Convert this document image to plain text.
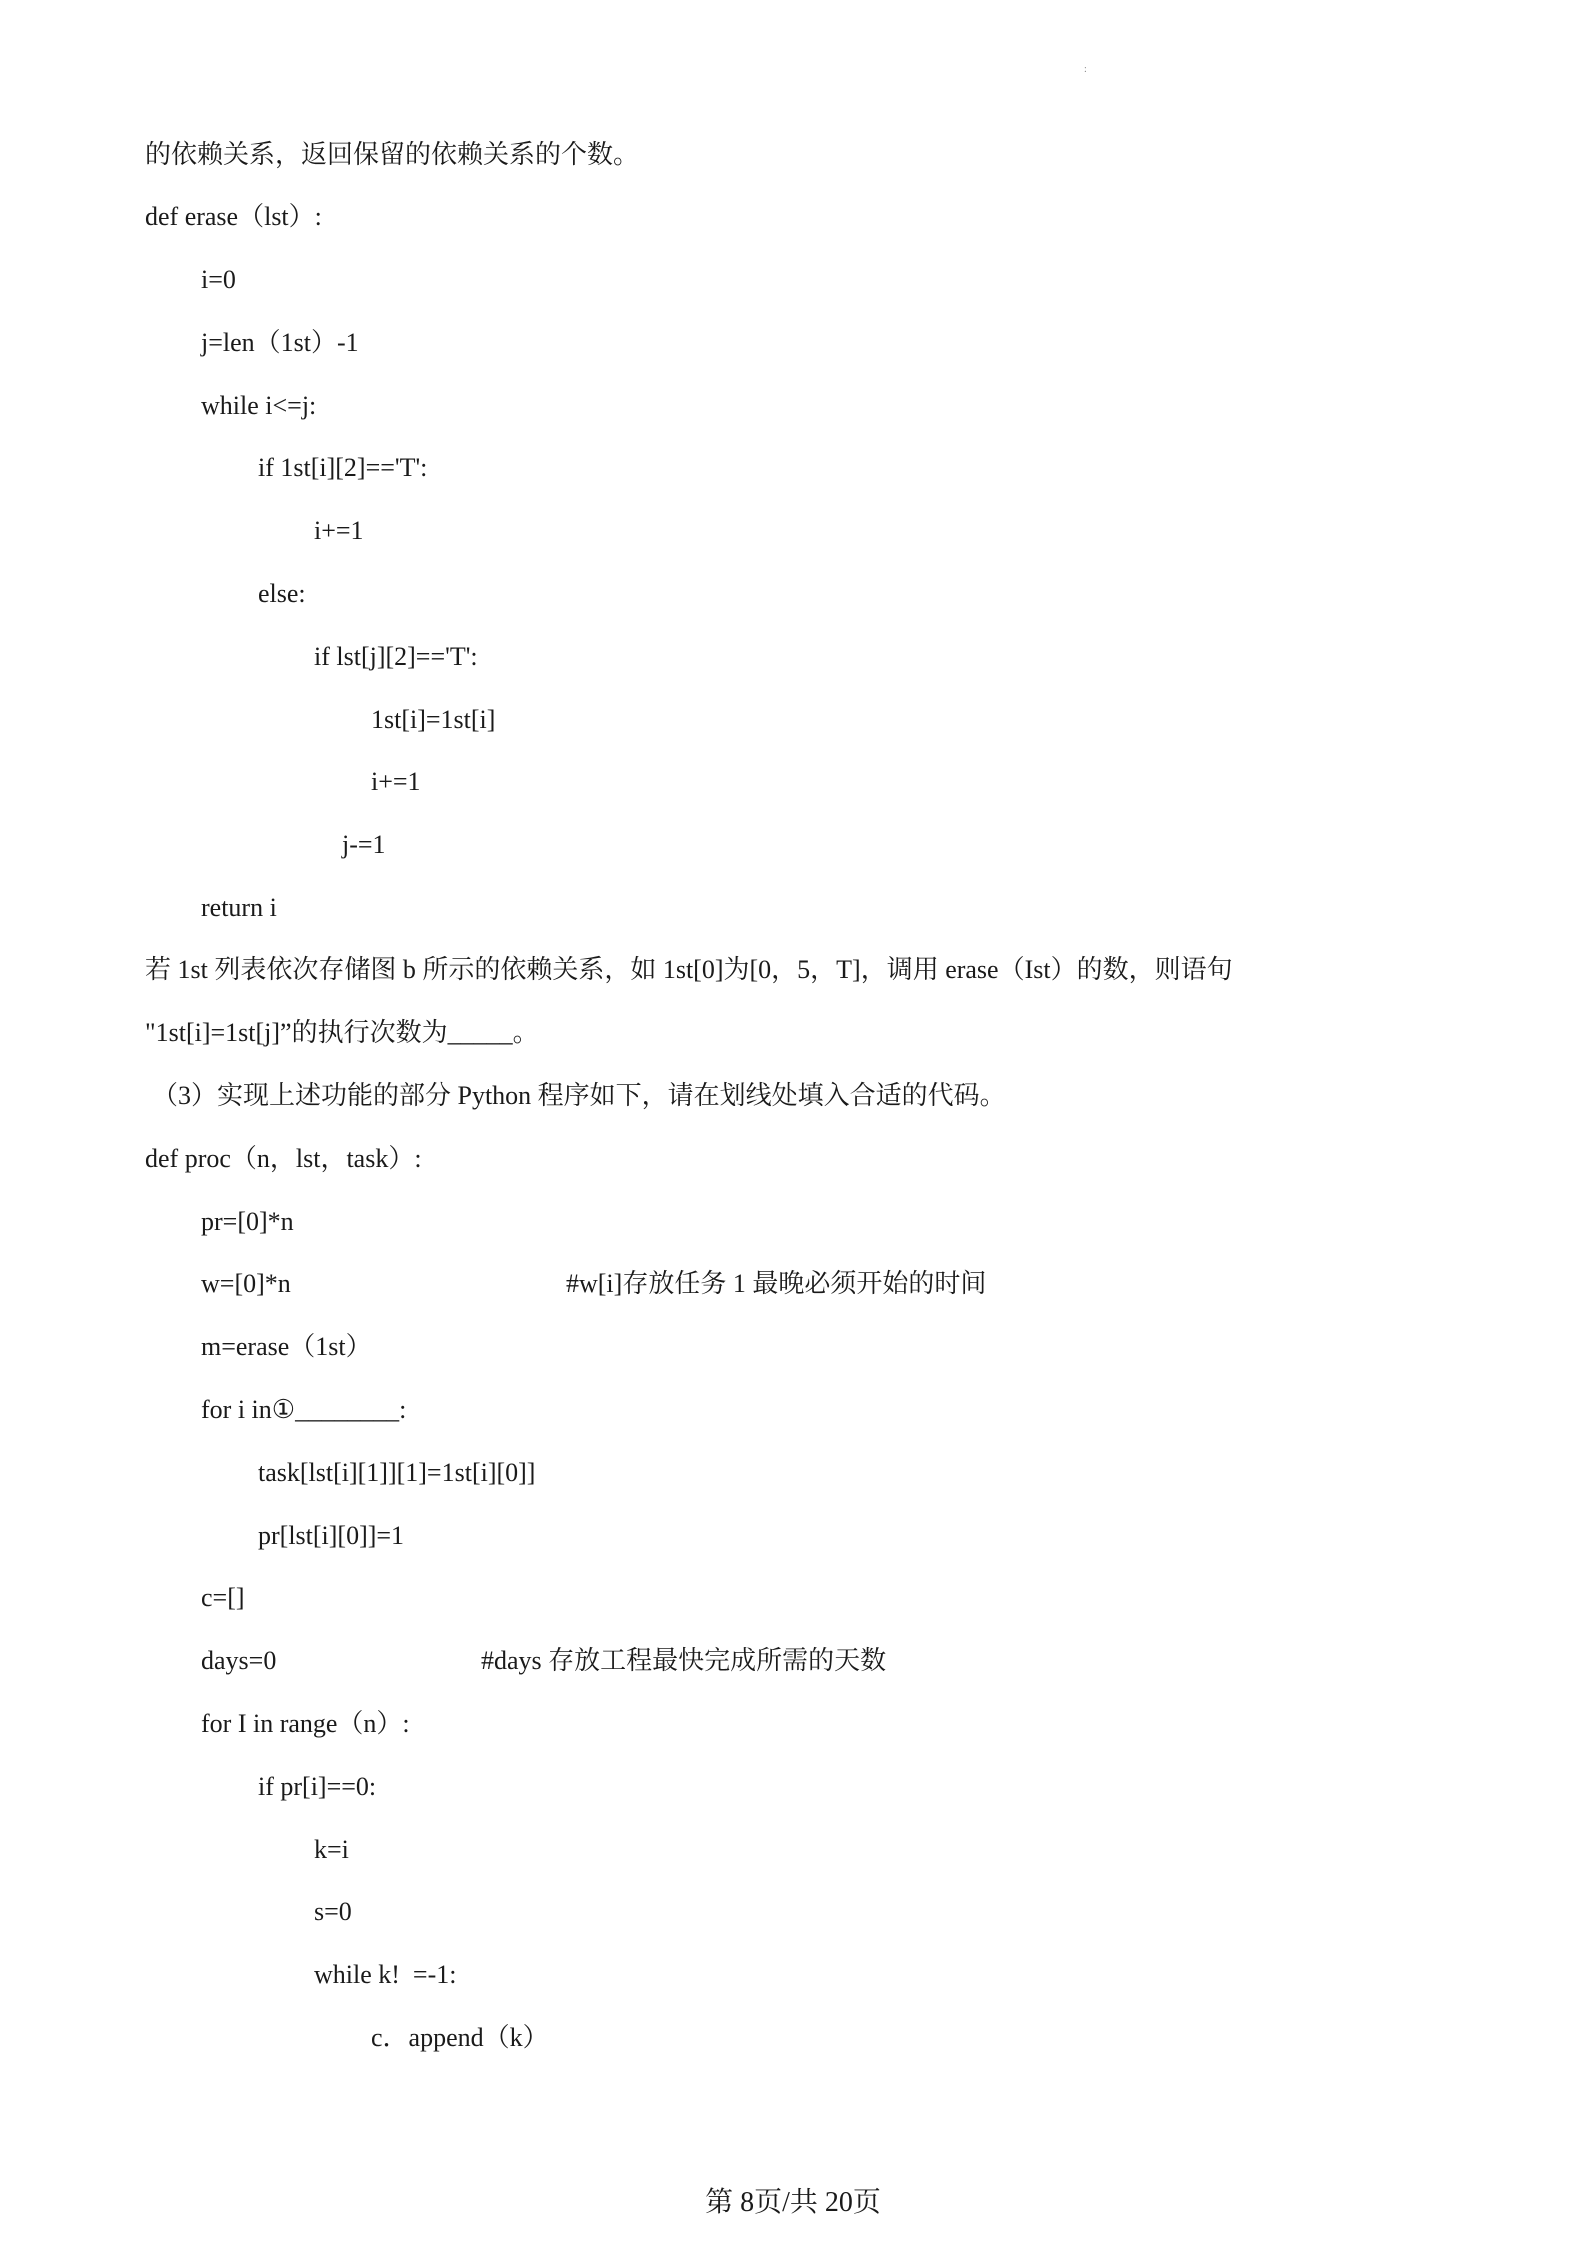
:
的依赖关系，返回保留的依赖关系的个数。
def erase（lst）:
i=0
j=len（1st）-1
while i<=j:
if 1st[i][2]=='T':
i+=1
else:
if lst[j][2]=='T':
1st[i]=1st[i]
i+=1
j-=1
return i
若 1st 列表依次存储图 b 所示的依赖关系，如 1st[0]为[0，5，T]，调用 erase（Ist）的数，则语句
"1st[i]=1st[j]”的执行次数为_____。
（3）实现上述功能的部分 Python 程序如下，请在划线处填入合适的代码。
def proc（n，lst，task）:
pr=[0]*n
w=[0]*n	#w[i]存放任务 1 最晚必须开始的时间
m=erase（1st）
for i in①________:
task[lst[i][1]][1]=1st[i][0]]
pr[lst[i][0]]=1
c=[]
days=0	#days 存放工程最快完成所需的天数
for I in range（n）:
if pr[i]==0:
k=i
s=0
while k!  =-1:
c．append（k）
第 8页/共 20页
